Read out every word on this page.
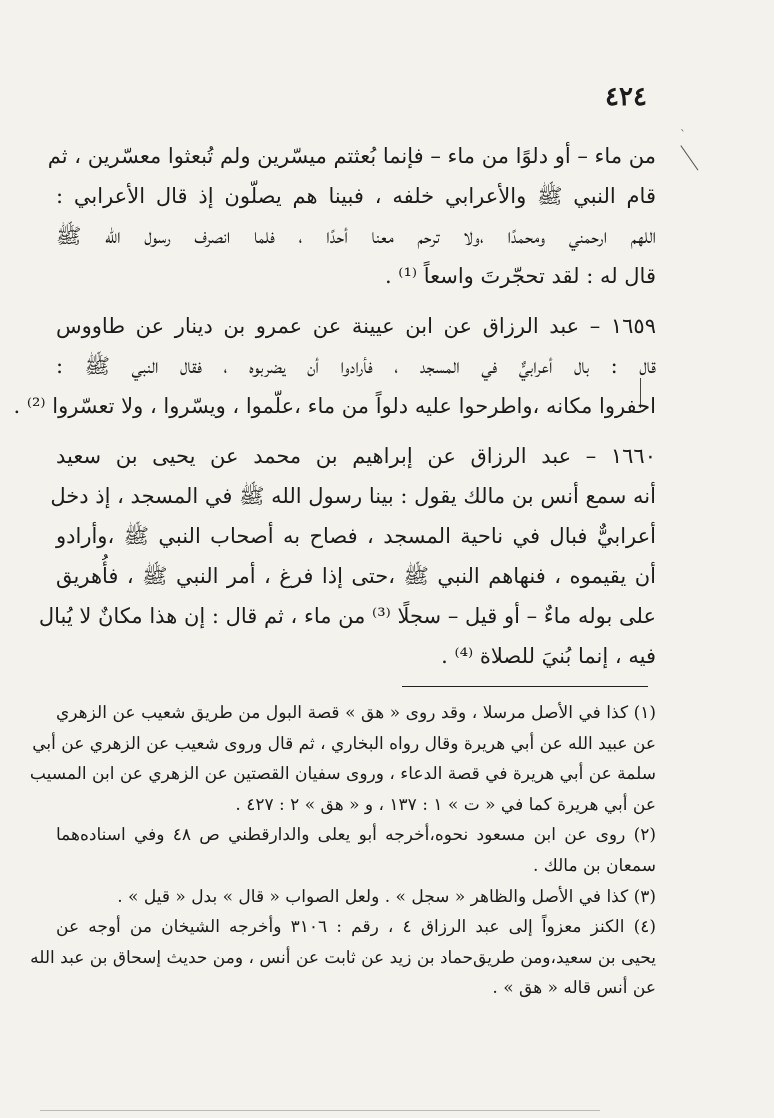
٤٢٤
`
من ماء – أو دلوًا من ماء – فإنما بُعثتم ميسّرين ولم تُبعثوا معسّرين ، ثم
قام النبي ﷺ والأعرابي خلفه ، فبينا هم يصلّون إذ قال الأعرابي :
اللهم ارحمني ومحمدًا ،ولا ترحم معنا أحدًا ، فلما انصرف رسول الله ﷺ
قال له : لقد تحجّرتَ واسعاً ⁽¹⁾ .
١٦٥٩ – عبد الرزاق عن ابن عيينة عن عمرو بن دينار عن طاووس
قال : بال أعرابيٌّ في المسجد ، فأرادوا أن يضربوه ، فقال النبي ﷺ :
احفروا مكانه ،واطرحوا عليه دلواً من ماء ،علّموا ، ويسّروا ، ولا تعسّروا ⁽²⁾ .
١٦٦٠ – عبد الرزاق عن إبراهيم بن محمد عن يحيى بن سعيد
أنه سمع أنس بن مالك يقول : بينا رسول الله ﷺ في المسجد ، إذ دخل
أعرابيٌّ فبال في ناحية المسجد ، فصاح به أصحاب النبي ﷺ ،وأرادو
أن يقيموه ، فنهاهم النبي ﷺ ،حتى إذا فرغ ، أمر النبي ﷺ ، فأُهريق
على بوله ماءٌ – أو قيل – سجلًا ⁽³⁾ من ماء ، ثم قال : إن هذا مكانٌ لا يُبال
فيه ، إنما بُنيَ للصلاة ⁽⁴⁾ .
(١) كذا في الأصل مرسلا ، وقد روى « هق » قصة البول من طريق شعيب عن الزهري
عن عبيد الله عن أبي هريرة وقال رواه البخاري ، ثم قال وروى شعيب عن الزهري عن أبي
سلمة عن أبي هريرة في قصة الدعاء ، وروى سفيان القصتين عن الزهري عن ابن المسيب
عن أبي هريرة كما في « ت » ١ : ١٣٧ ، و « هق » ٢ : ٤٢٧ .
(٢) روى عن ابن مسعود نحوه،أخرجه أبو يعلى والدارقطني ص ٤٨ وفي اسناده‌هما
سمعان بن مالك .
(٣) كذا في الأصل والظاهر « سجل » . ولعل الصواب « قال » بدل « قيل » .
(٤) الكنز معزواً إلى عبد الرزاق ٤ ، رقم : ٣١٠٦ وأخرجه الشيخان من أوجه عن
يحيى بن سعيد،ومن طريق‌حماد بن زيد عن ثابت عن أنس ، ومن حديث إسحاق بن عبد الله
عن أنس قاله « هق » .
